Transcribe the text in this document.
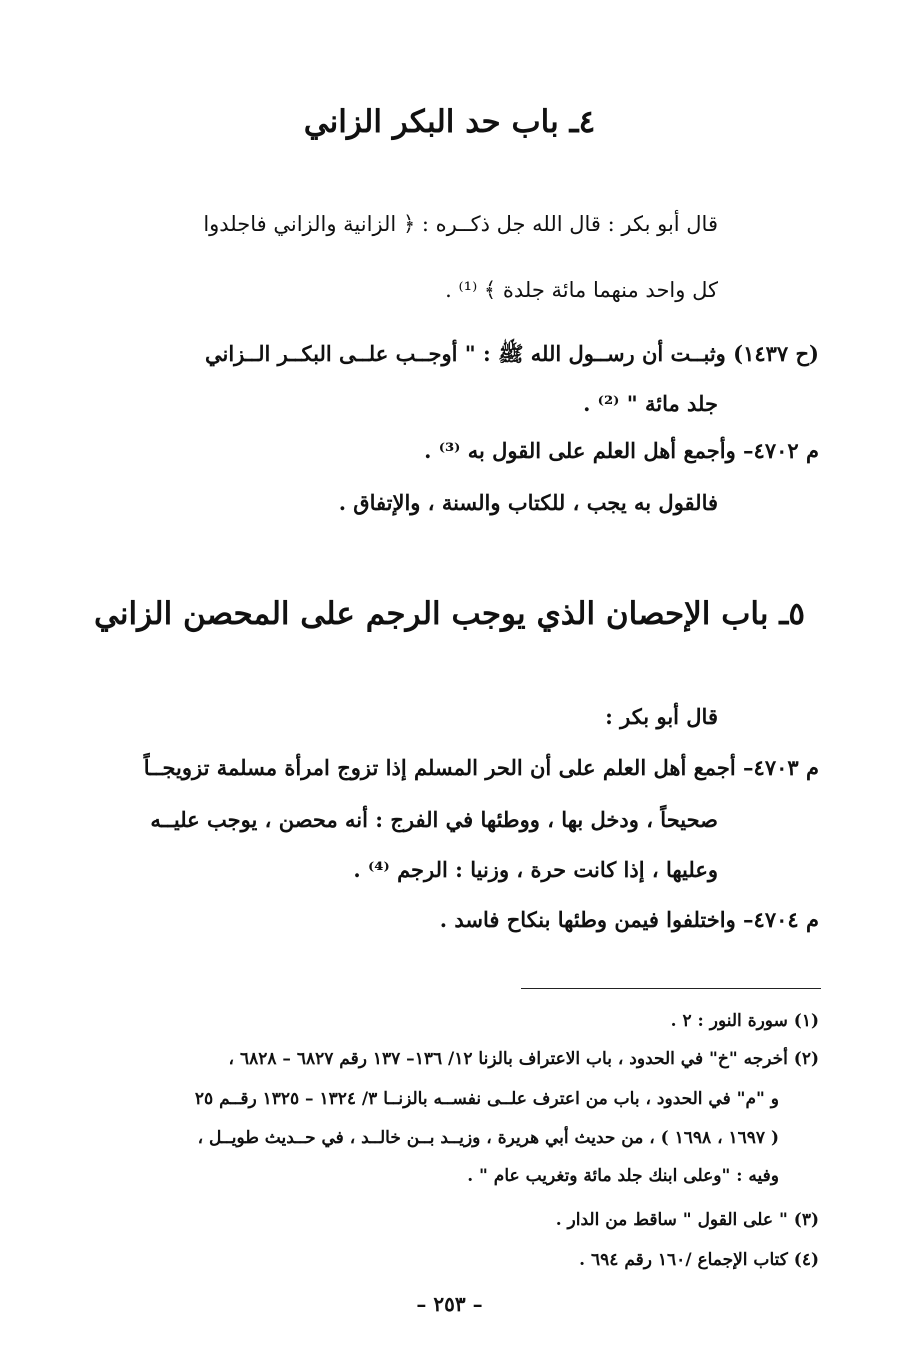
٤ـ باب حد البكر الزاني
قال أبو بكر : قال الله جل ذكــره : ﴿ الزانية والزاني فاجلدوا
كل واحد منهما مائة جلدة ﴾ ⁽¹⁾ .
(ح ١٤٣٧) وثبــت أن رســول الله ﷺ : " أوجــب علــى البكــر الــزاني
جلد مائة " ⁽²⁾ .
م ٤٧٠٢– وأجمع أهل العلم على القول به ⁽³⁾ .
فالقول به يجب ، للكتاب والسنة ، والإتفاق .
٥ـ باب الإحصان الذي يوجب الرجم على المحصن الزاني
قال أبو بكر :
م ٤٧٠٣– أجمع أهل العلم على أن الحر المسلم إذا تزوج امرأة مسلمة تزويجــاً
صحيحاً ، ودخل بها ، ووطئها في الفرج : أنه محصن ، يوجب عليــه
وعليها ، إذا كانت حرة ، وزنيا : الرجم ⁽⁴⁾ .
م ٤٧٠٤– واختلفوا فيمن وطئها بنكاح فاسد .
(١) سورة النور : ٢ .
(٢) أخرجه "خ" في الحدود ، باب الاعتراف بالزنا ١٢/ ١٣٦– ١٣٧ رقم ٦٨٢٧ – ٦٨٢٨ ،
و "م" في الحدود ، باب من اعترف علــى نفســه بالزنــا ٣/ ١٣٢٤ – ١٣٢٥ رقــم ٢٥
( ١٦٩٧ ، ١٦٩٨ ) ، من حديث أبي هريرة ، وزيــد بــن خالــد ، في حــديث طويــل ،
وفيه : "وعلى ابنك جلد مائة وتغريب عام " .
(٣) " على القول " ساقط من الدار .
(٤) كتاب الإجماع /١٦٠ رقم ٦٩٤ .
– ٢٥٣ –
